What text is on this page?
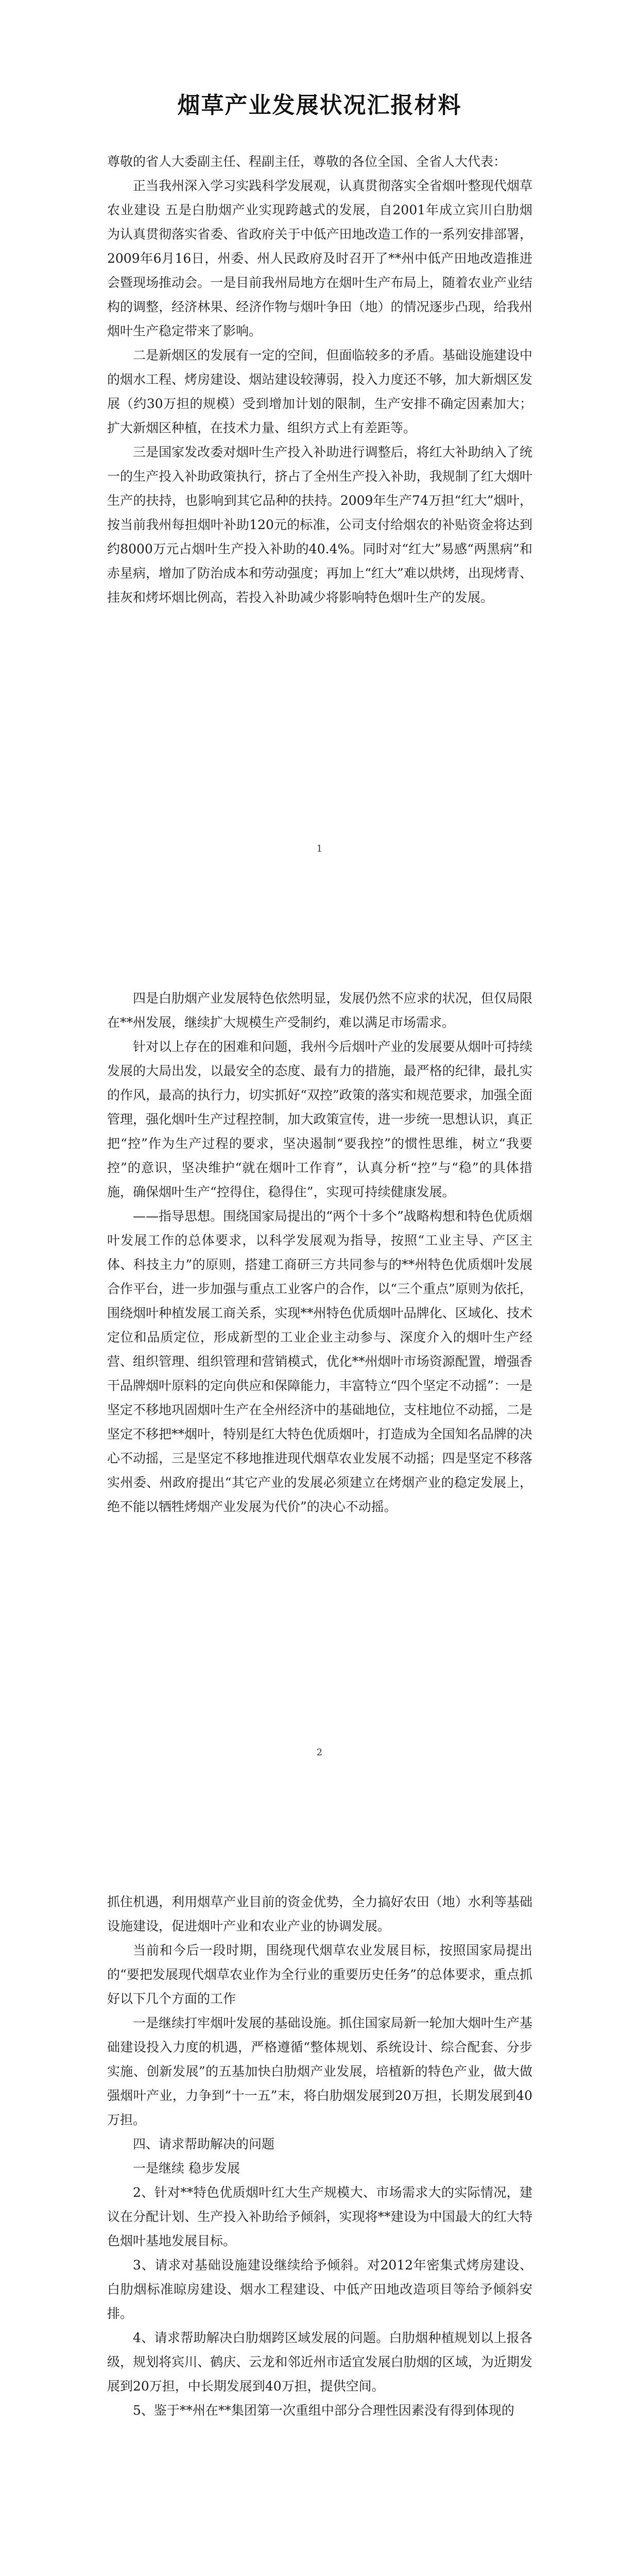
烟草产业发展状况汇报材料

尊敬的省人大委副主任、程副主任，尊敬的各位全国、全省人大代表：

正当我州深入学习实践科学发展观，认真贯彻落实全省烟叶整现代烟草农业建设 五是白肋烟产业实现跨越式的发展，自2001年成立宾川白肋烟 为认真贯彻落实省委、省政府关于中低产田地改造工作的一系列安排部署，2009年6月16日，州委、州人民政府及时召开了**州中低产田地改造推进会暨现场推动会。一是目前我州局地方在烟叶生产布局上，随着农业产业结构的调整，经济林果、经济作物与烟叶争田（地）的情况逐步凸现，给我州烟叶生产稳定带来了影响。

二是新烟区的发展有一定的空间，但面临较多的矛盾。基础设施建设中的烟水工程、烤房建设、烟站建设较薄弱，投入力度还不够，加大新烟区发展（约30万担的规模）受到增加计划的限制，生产安排不确定因素加大；扩大新烟区种植，在技术力量、组织方式上有差距等。

三是国家发改委对烟叶生产投入补助进行调整后，将红大补助纳入了统一的生产投入补助政策执行，挤占了全州生产投入补助，我规制了红大烟叶生产的扶持，也影响到其它品种的扶持。2009年生产74万担“红大”烟叶，按当前我州每担烟叶补助120元的标准，公司支付给烟农的补贴资金将达到约8000万元占烟叶生产投入补助的40.4%。同时对“红大”易感“两黑病”和赤星病，增加了防治成本和劳动强度；再加上“红大”难以烘烤，出现烤青、挂灰和烤坏烟比例高，若投入补助减少将影响特色烟叶生产的发展。

1

四是白肋烟产业发展特色依然明显，发展仍然不应求的状况，但仅局限在**州发展，继续扩大规模生产受制约，难以满足市场需求。

针对以上存在的困难和问题，我州今后烟叶产业的发展要从烟叶可持续发展的大局出发，以最安全的态度、最有力的措施，最严格的纪律，最扎实的作风，最高的执行力，切实抓好“双控”政策的落实和规范要求，加强全面管理，强化烟叶生产过程控制，加大政策宣传，进一步统一思想认识，真正把“控”作为生产过程的要求，坚决遏制“要我控”的惯性思维，树立“我要控”的意识，坚决维护“就在烟叶工作育”，认真分析“控”与“稳”的具体措施，确保烟叶生产“控得住，稳得住”，实现可持续健康发展。

——指导思想。围绕国家局提出的“两个十多个”战略构想和特色优质烟叶发展工作的总体要求，以科学发展观为指导，按照“工业主导、产区主体、科技主力”的原则，搭建工商研三方共同参与的**州特色优质烟叶发展合作平台，进一步加强与重点工业客户的合作，以“三个重点”原则为依托，围绕烟叶种植发展工商关系，实现**州特色优质烟叶品牌化、区域化、技术定位和品质定位，形成新型的工业企业主动参与、深度介入的烟叶生产经营、组织管理、组织管理和营销模式，优化**州烟叶市场资源配置，增强香干品牌烟叶原料的定向供应和保障能力，丰富特立“四个坚定不动摇”：一是坚定不移地巩固烟叶生产在全州经济中的基础地位，支柱地位不动摇，二是坚定不移把**烟叶，特别是红大特色优质烟叶，打造成为全国知名品牌的决心不动摇，三是坚定不移地推进现代烟草农业发展不动摇；四是坚定不移落实州委、州政府提出“其它产业的发展必须建立在烤烟产业的稳定发展上，绝不能以牺牲烤烟产业发展为代价”的决心不动摇。

2

抓住机遇，利用烟草产业目前的资金优势，全力搞好农田（地）水利等基础设施建设，促进烟叶产业和农业产业的协调发展。

当前和今后一段时期，围绕现代烟草农业发展目标，按照国家局提出的“要把发展现代烟草农业作为全行业的重要历史任务”的总体要求，重点抓好以下几个方面的工作

一是继续打牢烟叶发展的基础设施。抓住国家局新一轮加大烟叶生产基础建设投入力度的机遇，严格遵循“整体规划、系统设计、综合配套、分步实施、创新发展”的五基加快白肋烟产业发展，培植新的特色产业，做大做强烟叶产业，力争到“十一五”末，将白肋烟发展到20万担，长期发展到40万担。

四、请求帮助解决的问题

一是继续 稳步发展

2、针对**特色优质烟叶红大生产规模大、市场需求大的实际情况，建议在分配计划、生产投入补助给予倾斜，实现将**建设为中国最大的红大特色烟叶基地发展目标。

3、请求对基础设施建设继续给予倾斜。对2012年密集式烤房建设、白肋烟标准晾房建设、烟水工程建设、中低产田地改造项目等给予倾斜安排。

4、请求帮助解决白肋烟跨区域发展的问题。白肋烟种植规划以上报各级，规划将宾川、鹤庆、云龙和邻近州市适宜发展白肋烟的区域，为近期发展到20万担，中长期发展到40万担，提供空间。

5、鉴于**州在**集团第一次重组中部分合理性因素没有得到体现的
